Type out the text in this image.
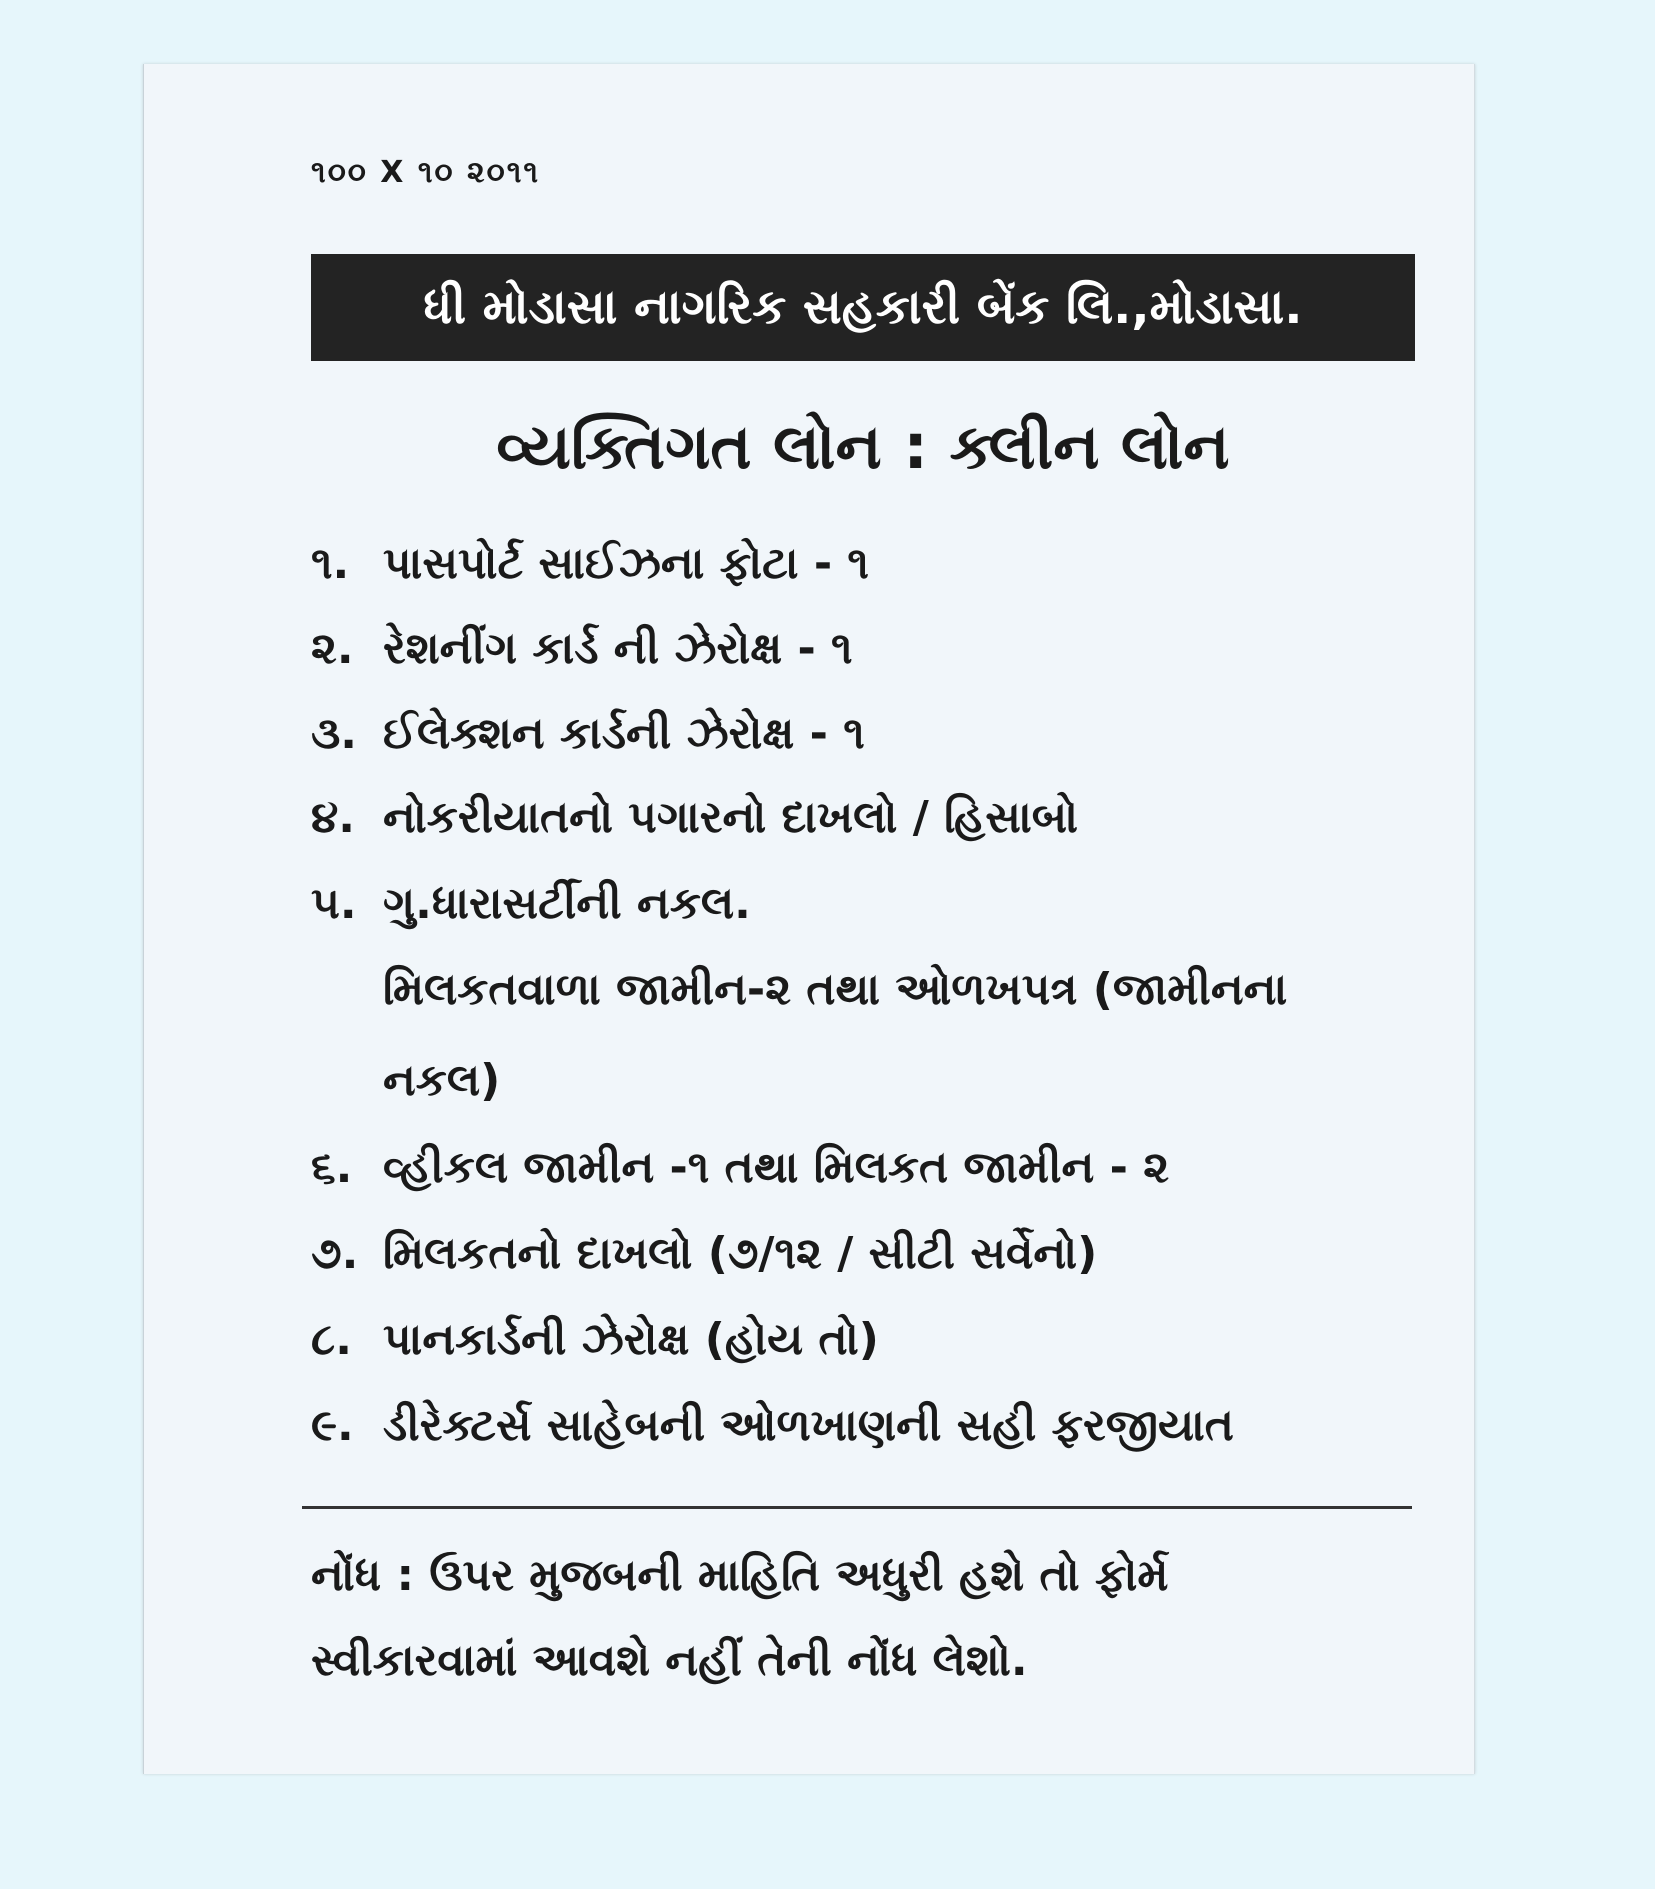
૧૦૦ X ૧૦ ૨૦૧૧
ધી મોડાસા નાગરિક સહકારી બેંક લિ.,મોડાસા.
વ્યક્તિગત લોન : ક્લીન લોન
૧. પાસપોર્ટ સાઈઝના ફોટા - ૧
૨. રેશનીંગ કાર્ડ ની ઝેરોક્ષ - ૧
૩. ઈલેક્શન કાર્ડની ઝેરોક્ષ - ૧
૪. નોકરીયાતનો પગારનો દાખલો / હિસાબો
૫. ગુ.ધારાસર્ટીની નકલ.
મિલકતવાળા જામીન-૨ તથા ઓળખપત્ર (જામીનના
નકલ)
૬. વ્હીકલ જામીન -૧ તથા મિલકત જામીન - ૨
૭. મિલકતનો દાખલો (૭/૧૨ / સીટી સર્વેનો)
૮. પાનકાર્ડની ઝેરોક્ષ (હોય તો)
૯. ડીરેક્ટર્સ સાહેબની ઓળખાણની સહી ફરજીયાત
નોંધ : ઉપર મુજબની માહિતિ અધુરી હશે તો ફોર્મ
સ્વીકારવામાં આવશે નહીં તેની નોંધ લેશો.
